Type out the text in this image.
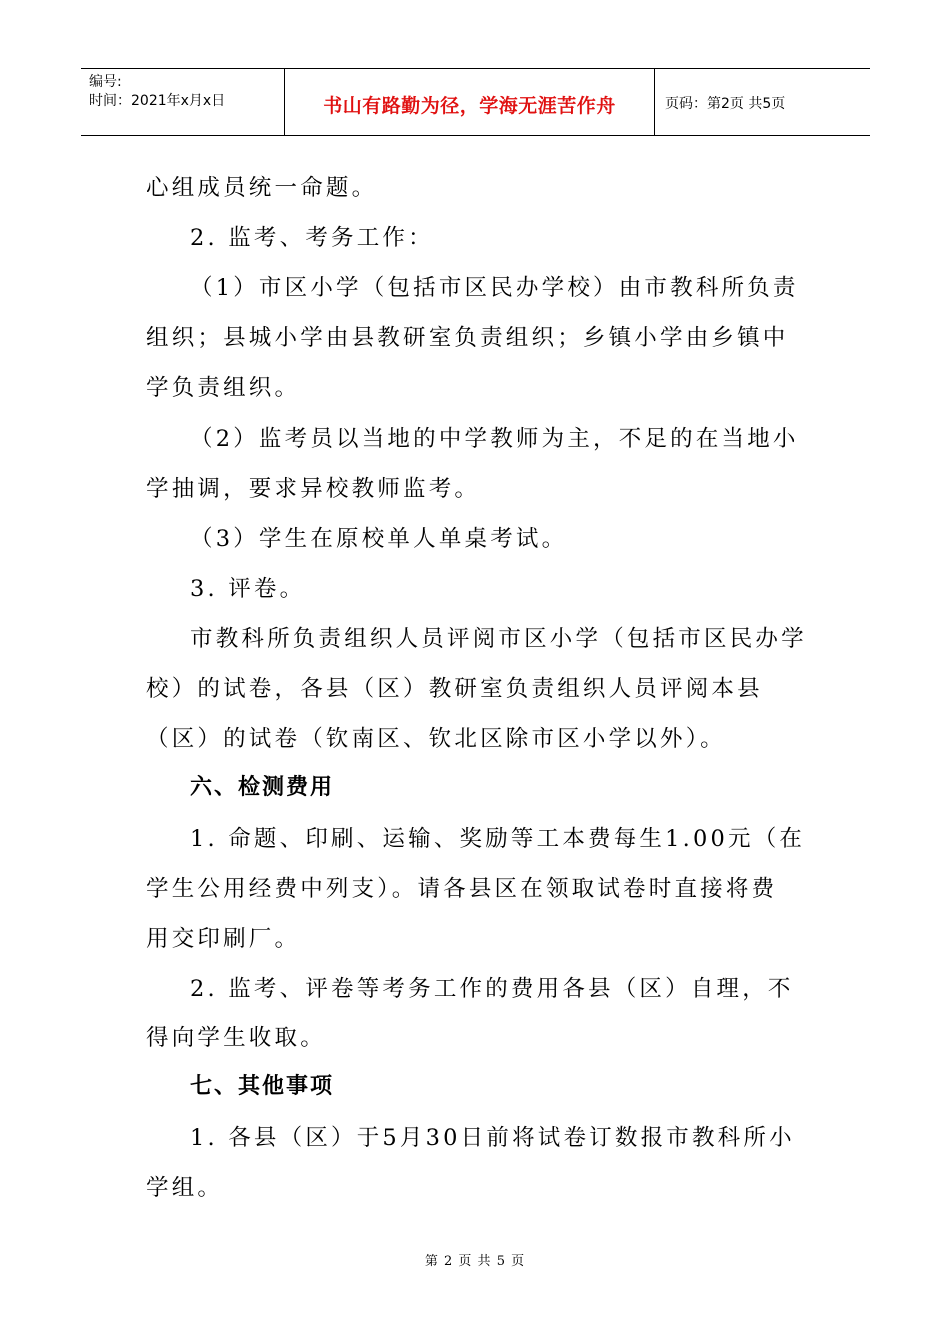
编号:
时间：2021年x月x日	书山有路勤为径，学海无涯苦作舟	页码：第2页 共5页
心组成员统一命题。
2. 监考、考务工作：
（1）市区小学（包括市区民办学校）由市教科所负责
组织；县城小学由县教研室负责组织；乡镇小学由乡镇中
学负责组织。
（2）监考员以当地的中学教师为主，不足的在当地小
学抽调，要求异校教师监考。
（3）学生在原校单人单桌考试。
3. 评卷。
市教科所负责组织人员评阅市区小学（包括市区民办学
校）的试卷，各县（区）教研室负责组织人员评阅本县
（区）的试卷（钦南区、钦北区除市区小学以外）。
六、检测费用
1. 命题、印刷、运输、奖励等工本费每生1.00元（在
学生公用经费中列支）。请各县区在领取试卷时直接将费
用交印刷厂。
2. 监考、评卷等考务工作的费用各县（区）自理，不
得向学生收取。
七、其他事项
1. 各县（区）于5月30日前将试卷订数报市教科所小
学组。
第 2 页 共 5 页
